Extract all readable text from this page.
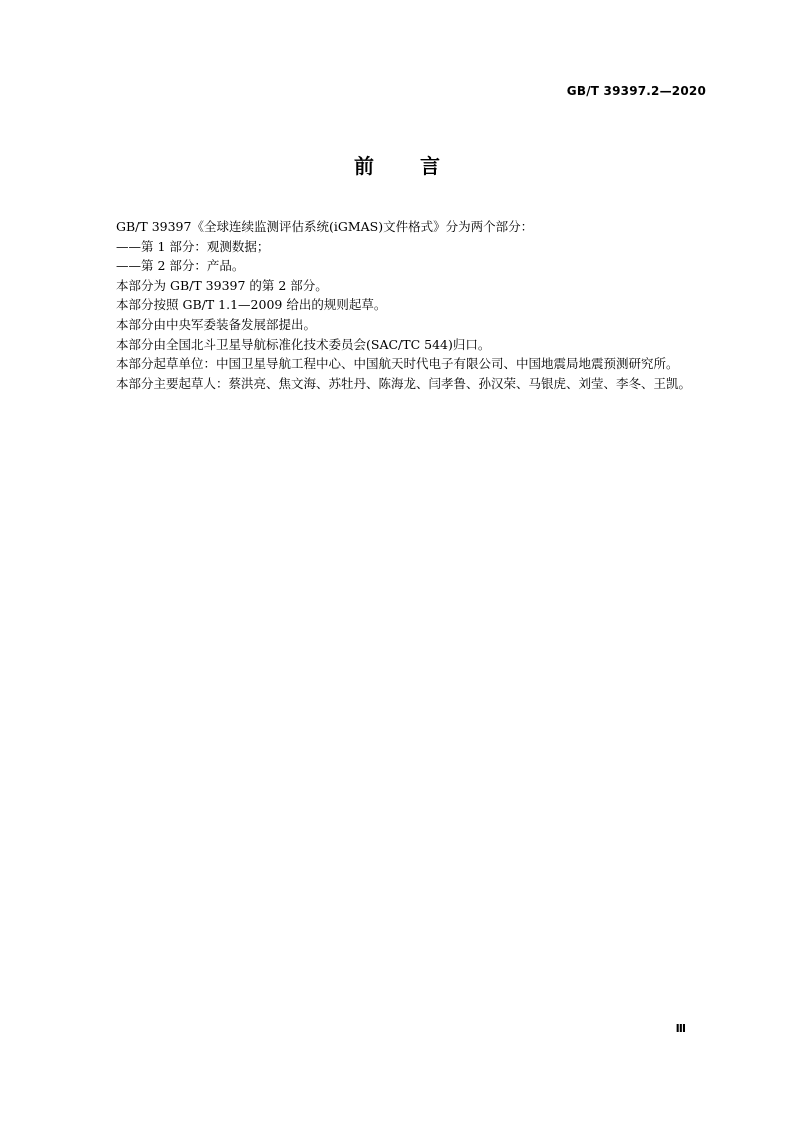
GB/T 39397.2—2020
前 言

GB/T 39397《全球连续监测评估系统(iGMAS)文件格式》分为两个部分：

——第 1 部分：观测数据；

——第 2 部分：产品。

本部分为 GB/T 39397 的第 2 部分。

本部分按照 GB/T 1.1—2009 给出的规则起草。

本部分由中央军委装备发展部提出。

本部分由全国北斗卫星导航标准化技术委员会(SAC/TC 544)归口。

本部分起草单位：中国卫星导航工程中心、中国航天时代电子有限公司、中国地震局地震预测研究所。

本部分主要起草人：蔡洪亮、焦文海、苏牡丹、陈海龙、闫孝鲁、孙汉荣、马银虎、刘莹、李冬、王凯。

Ⅲ
